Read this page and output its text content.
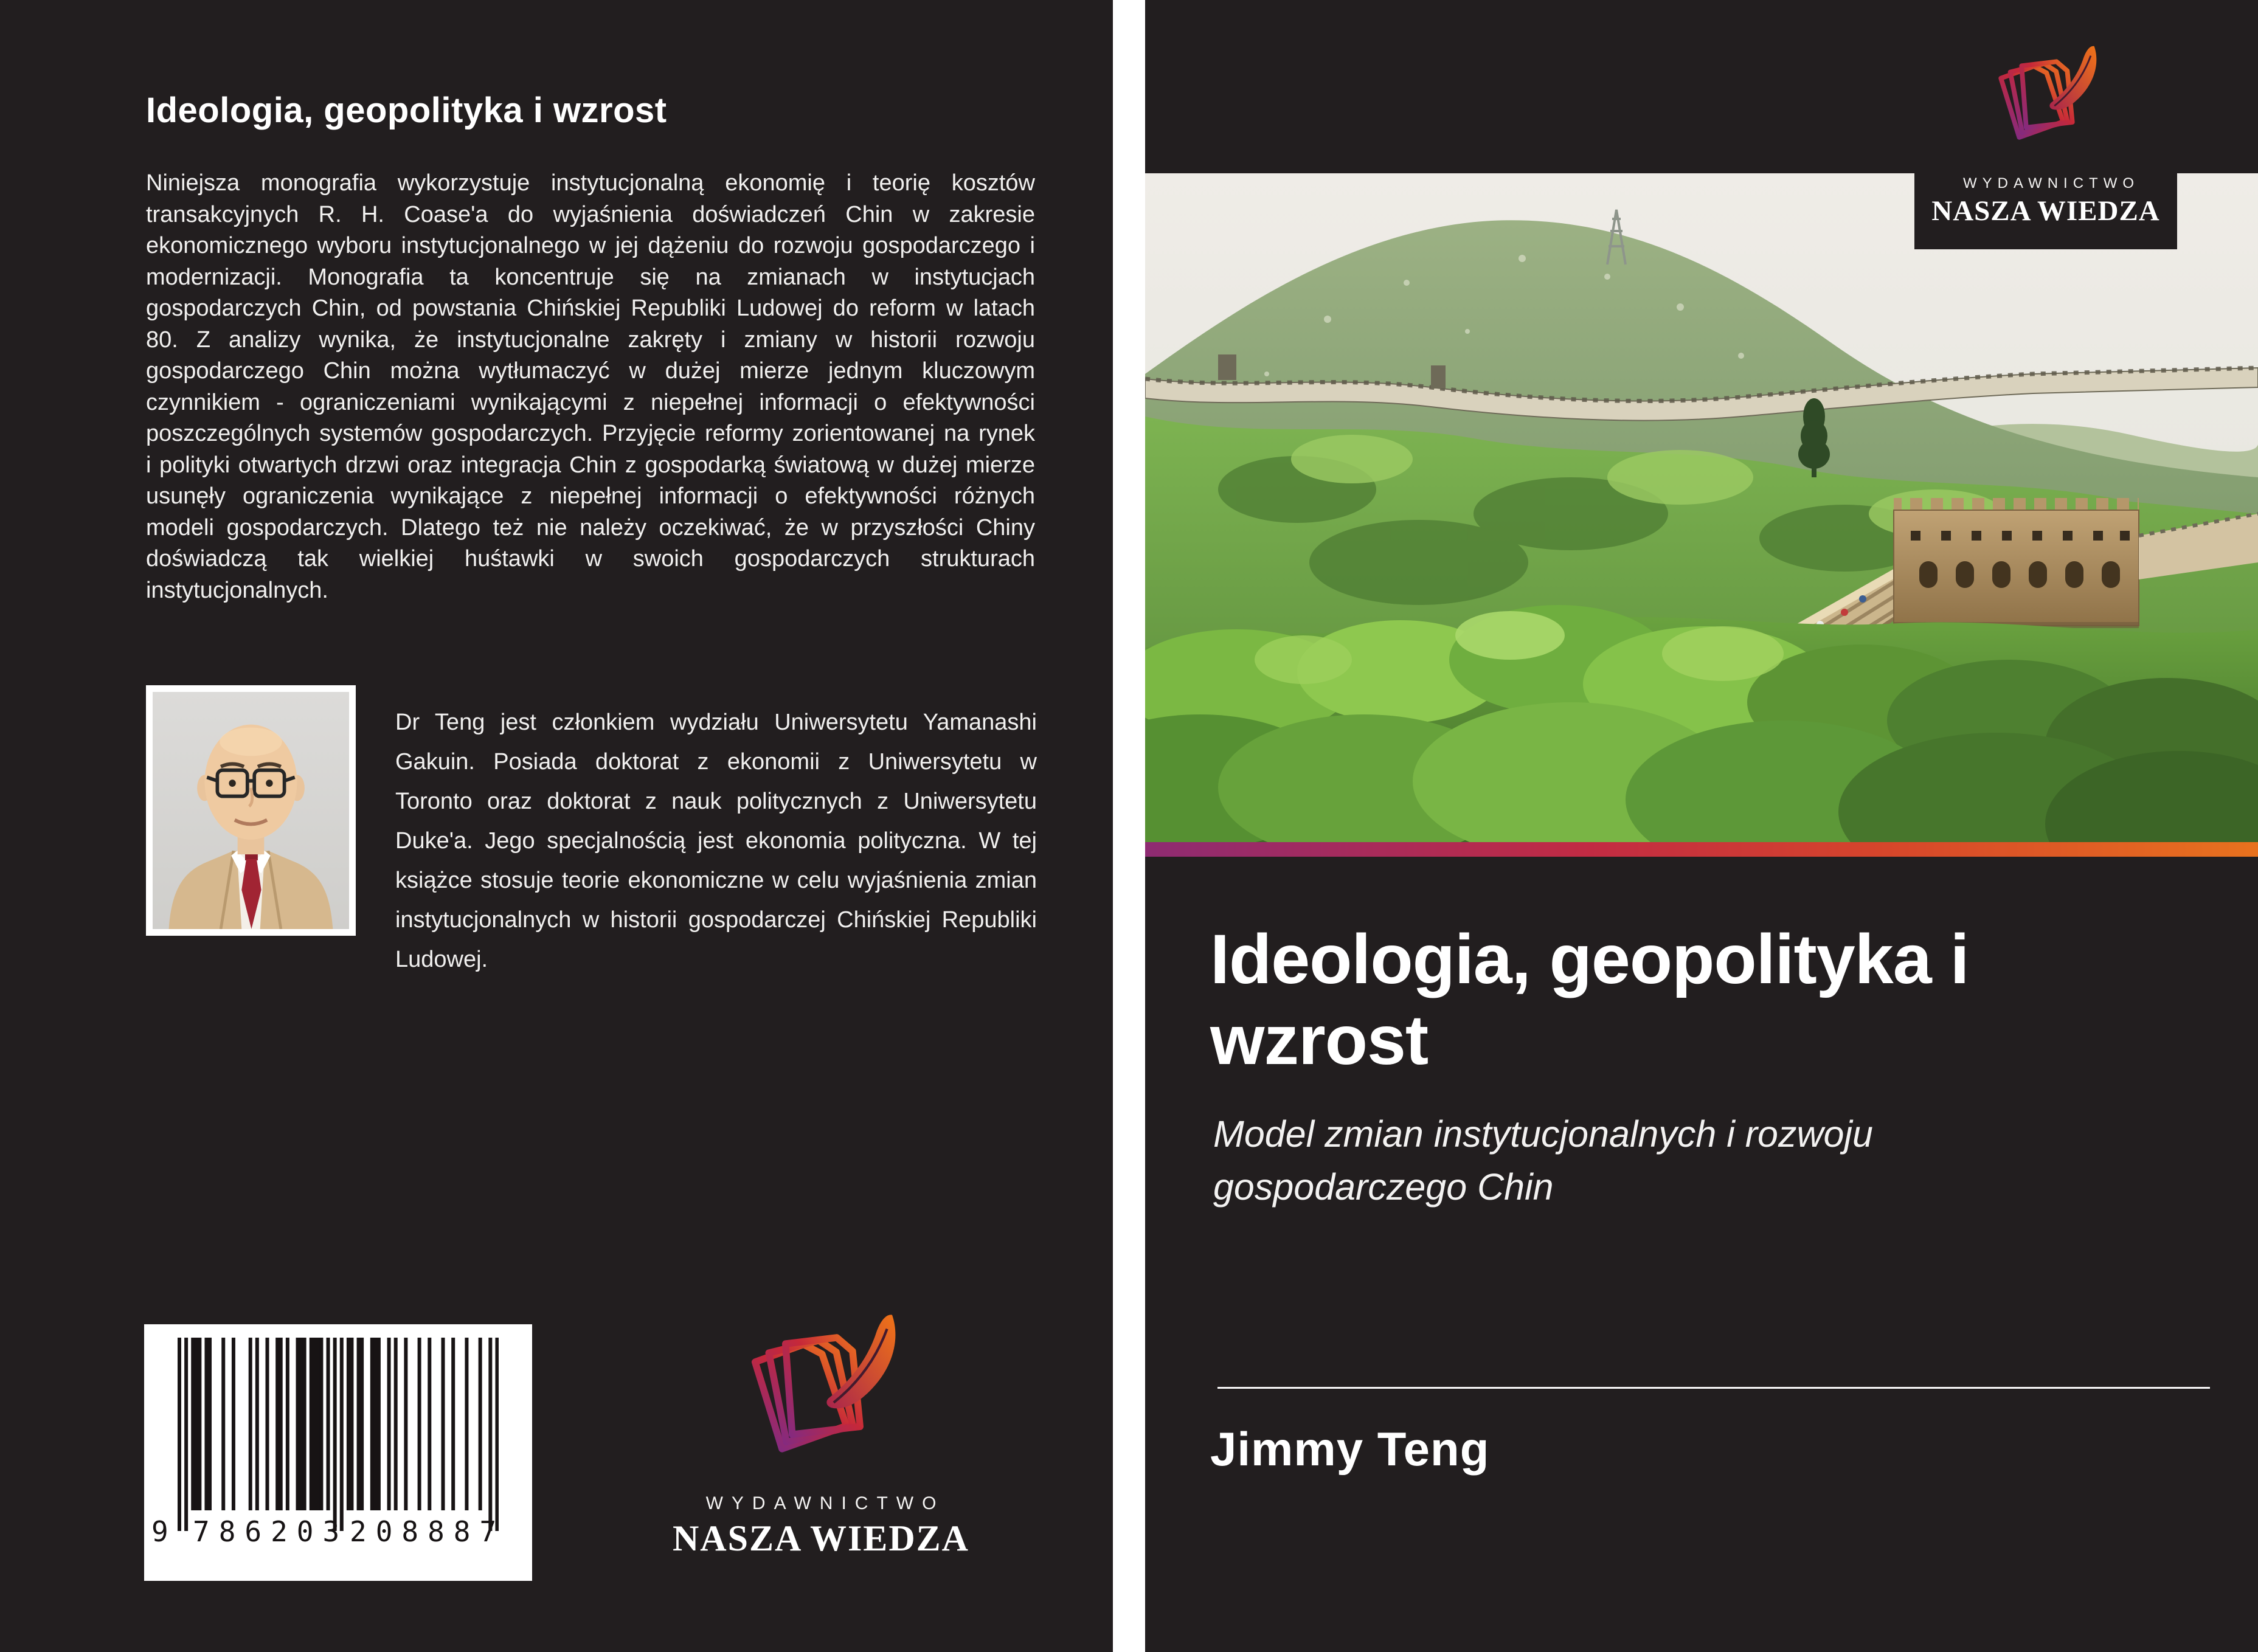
Ideologia, geopolityka i wzrost

Niniejsza monografia wykorzystuje instytucjonalną ekonomię i teorię kosztów transakcyjnych R. H. Coase'a do wyjaśnienia doświadczeń Chin w zakresie ekonomicznego wyboru instytucjonalnego w jej dążeniu do rozwoju gospodarczego i modernizacji. Monografia ta koncentruje się na zmianach w instytucjach gospodarczych Chin, od powstania Chińskiej Republiki Ludowej do reform w latach 80. Z analizy wynika, że instytucjonalne zakręty i zmiany w historii rozwoju gospodarczego Chin można wytłumaczyć w dużej mierze jednym kluczowym czynnikiem - ograniczeniami wynikającymi z niepełnej informacji o efektywności poszczególnych systemów gospodarczych. Przyjęcie reformy zorientowanej na rynek i polityki otwartych drzwi oraz integracja Chin z gospodarką światową w dużej mierze usunęły ograniczenia wynikające z niepełnej informacji o efektywności różnych modeli gospodarczych. Dlatego też nie należy oczekiwać, że w przyszłości Chiny doświadczą tak wielkiej huśtawki w swoich gospodarczych strukturach instytucjonalnych.

Dr Teng jest członkiem wydziału Uniwersytetu Yamanashi Gakuin. Posiada doktorat z ekonomii z Uniwersytetu w Toronto oraz doktorat z nauk politycznych z Uniwersytetu Duke'a. Jego specjalnością jest ekonomia polityczna. W tej książce stosuje teorie ekonomiczne w celu wyjaśnienia zmian instytucjonalnych w historii gospodarczej Chińskiej Republiki Ludowej.

9 786203 208887
WYDAWNICTWO
NASZA WIEDZA
WYDAWNICTWO
NASZA WIEDZA
Ideologia, geopolityka i wzrost

Model zmian instytucjonalnych i rozwoju gospodarczego Chin

Jimmy Teng
